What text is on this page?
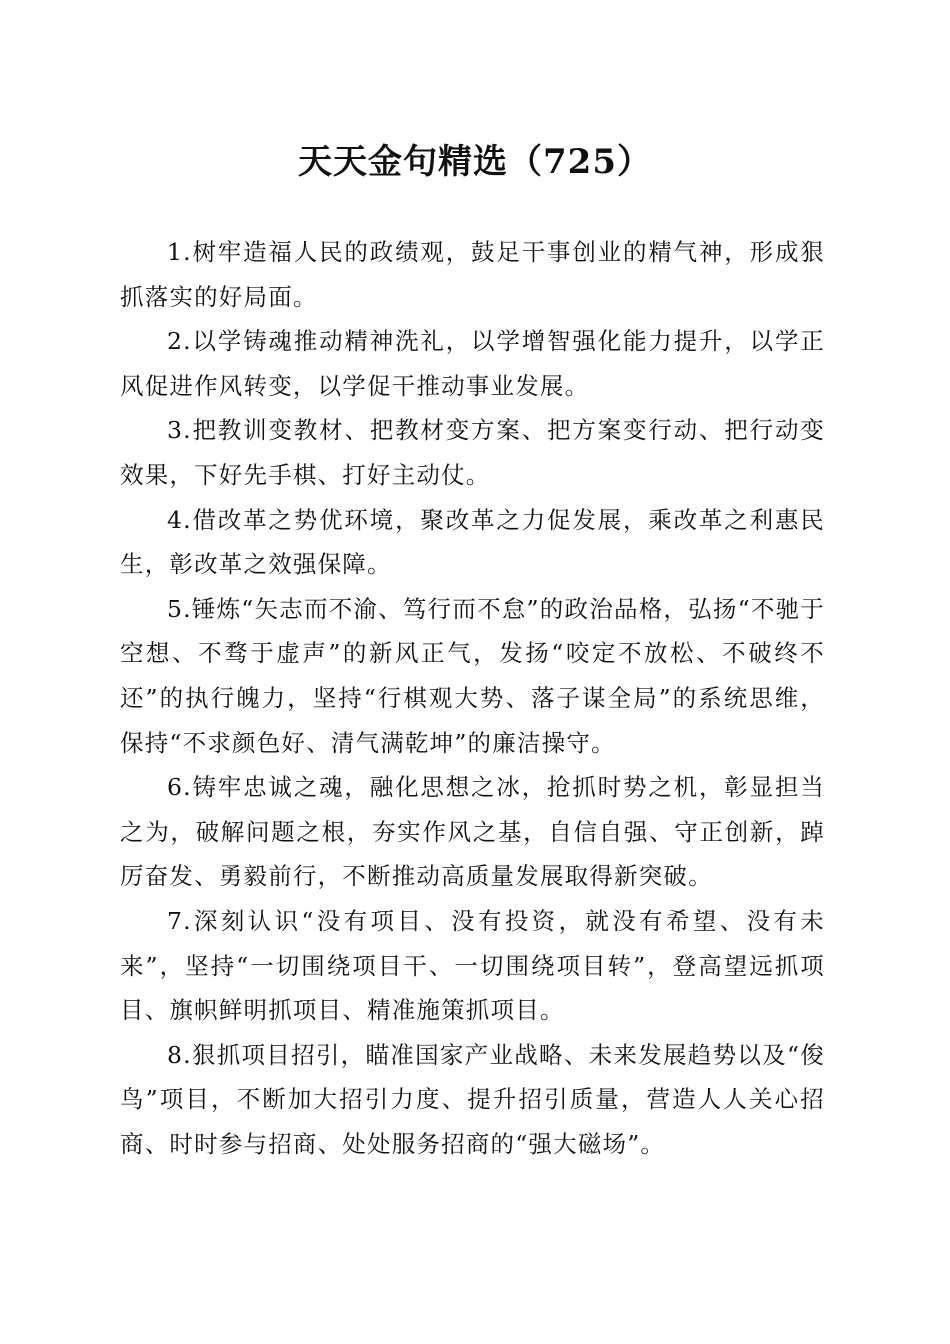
天天金句精选（725）

1.树牢造福人民的政绩观，鼓足干事创业的精气神，形成狠抓落实的好局面。

2.以学铸魂推动精神洗礼，以学增智强化能力提升，以学正风促进作风转变，以学促干推动事业发展。

3.把教训变教材、把教材变方案、把方案变行动、把行动变效果，下好先手棋、打好主动仗。

4.借改革之势优环境，聚改革之力促发展，乘改革之利惠民生，彰改革之效强保障。

5.锤炼“矢志而不渝、笃行而不怠”的政治品格，弘扬“不驰于空想、不骛于虚声”的新风正气，发扬“咬定不放松、不破终不还”的执行魄力，坚持“行棋观大势、落子谋全局”的系统思维，保持“不求颜色好、清气满乾坤”的廉洁操守。

6.铸牢忠诚之魂，融化思想之冰，抢抓时势之机，彰显担当之为，破解问题之根，夯实作风之基，自信自强、守正创新，踔厉奋发、勇毅前行，不断推动高质量发展取得新突破。

7.深刻认识“没有项目、没有投资，就没有希望、没有未来”，坚持“一切围绕项目干、一切围绕项目转”，登高望远抓项目、旗帜鲜明抓项目、精准施策抓项目。

8.狠抓项目招引，瞄准国家产业战略、未来发展趋势以及“俊鸟”项目，不断加大招引力度、提升招引质量，营造人人关心招商、时时参与招商、处处服务招商的“强大磁场”。
